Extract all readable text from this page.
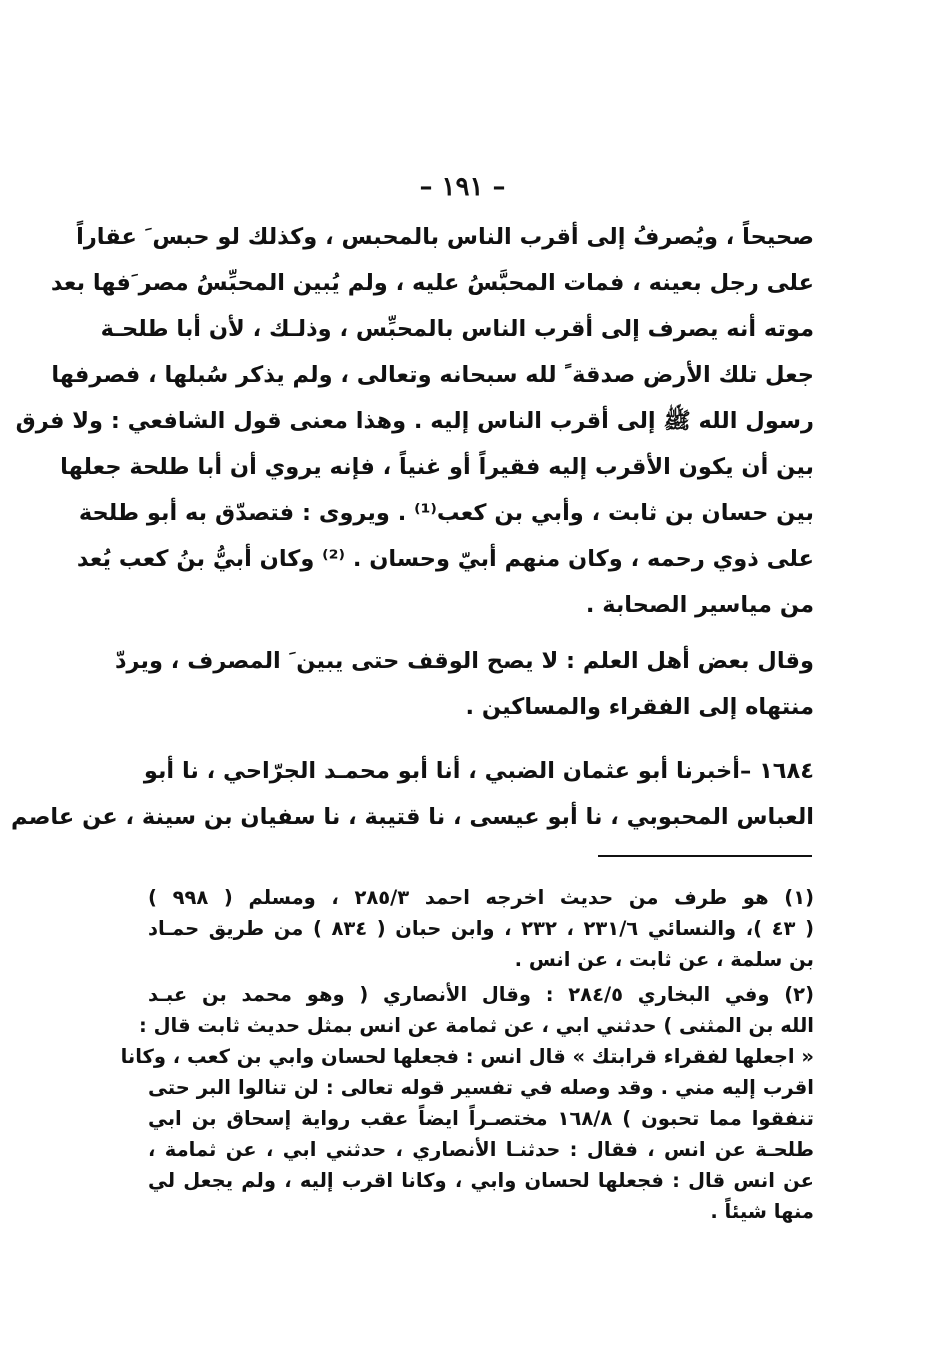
– ١٩١ –
صحيحاً ، ويُصرفُ إلى أقرب الناس بالمحبس ، وكذلك لو حبس َ عقاراً
على رجل بعينه ، فمات المحبَّسُ عليه ، ولم يُبين المحبِّسُ مصر َفها بعد
موته أنه يصرف إلى أقرب الناس بالمحبِّس ، وذلـك ، لأن أبا طلحـة
جعل تلك الأرض صدقة ً لله سبحانه وتعالى ، ولم يذكر سُبلها ، فصرفها
رسول الله ﷺ إلى أقرب الناس إليه . وهذا معنى قول الشافعي : ولا فرق
بين أن يكون الأقرب إليه فقيراً أو غنياً ، فإنه يروي أن أبا طلحة جعلها
بين حسان بن ثابت ، وأبي بن كعب⁽¹⁾ . ويروى : فتصدّق به أبو طلحة
على ذوي رحمه ، وكان منهم أبيّ وحسان . ⁽²⁾ وكان أبيُّ بنُ كعب يُعد
من مياسير الصحابة .
وقال بعض أهل العلم : لا يصح الوقف حتى يبين َ المصرف ، ويردّ
منتهاه إلى الفقراء والمساكين .
١٦٨٤ –أخبرنا أبو عثمان الضبي ، أنا أبو محمـد الجرّاحي ، نا أبو
العباس المحبوبي ، نا أبو عيسى ، نا قتيبة ، نا سفيان بن سينة ، عن عاصم
(١) هو طرف من حديث اخرجه احمد ٢٨٥/٣ ، ومسلم ( ٩٩٨ )
( ٤٣ )، والنسائي ٢٣١/٦ ، ٢٣٢ ، وابن حبان ( ٨٣٤ ) من طريق حمـاد
بن سلمة ، عن ثابت ، عن انس .
(٢) وفي البخاري ٢٨٤/٥ : وقال الأنصاري ( وهو محمد بن عبـد
الله بن المثنى ) حدثني ابي ، عن ثمامة عن انس بمثل حديث ثابت قال :
« اجعلها لفقراء قرابتك » قال انس : فجعلها لحسان وابي بن كعب ، وكانا
اقرب إليه مني . وقد وصله في تفسير قوله تعالى : لن تنالوا البر حتى
تنفقوا مما تحبون ) ١٦٨/٨ مختصـراً ايضاً عقب رواية إسحاق بن ابي
طلحـة عن انس ، فقال : حدثنـا الأنصاري ، حدثني ابي ، عن ثمامة ،
عن انس قال : فجعلها لحسان وابي ، وكانا اقرب إليه ، ولم يجعل لي
منها شيئاً .
